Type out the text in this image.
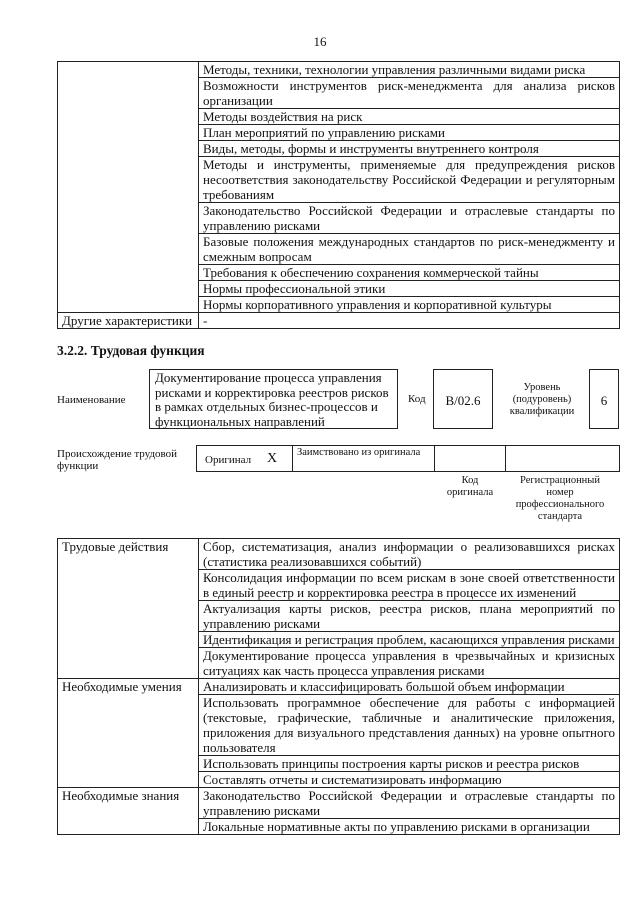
16
	Методы, техники, технологии управления различными видами риска
	Возможности инструментов риск-менеджмента для анализа рисков организации
	Методы воздействия на риск
	План мероприятий по управлению рисками
	Виды, методы, формы и инструменты внутреннего контроля
	Методы и инструменты, применяемые для предупреждения рисков несоответствия законодательству Российской Федерации и регуляторным требованиям
	Законодательство Российской Федерации и отраслевые стандарты по управлению рисками
	Базовые положения международных стандартов по риск-менеджменту и смежным вопросам
	Требования к обеспечению сохранения коммерческой тайны
	Нормы профессиональной этики
	Нормы корпоративного управления и корпоративной культуры
Другие характеристики	-
3.2.2. Трудовая функция
Наименование
Документирование процесса управления рисками и корректировка реестров рисков в рамках отдельных бизнес-процессов и функциональных направлений
Код	B/02.6
Уровень (подуровень) квалификации
6
Происхождение трудовой функции	Оригинал X Заимствовано из оригинала
Код оригинала
Регистрационный номер профессионального стандарта
Трудовые действия	Сбор, систематизация, анализ информации о реализовавшихся рисках (статистика реализовавшихся событий)
	Консолидация информации по всем рискам в зоне своей ответственности в единый реестр и корректировка реестра в процессе их изменений
	Актуализация карты рисков, реестра рисков, плана мероприятий по управлению рисками
	Идентификация и регистрация проблем, касающихся управления рисками
	Документирование процесса управления в чрезвычайных и кризисных ситуациях как часть процесса управления рисками
Необходимые умения	Анализировать и классифицировать большой объем информации
	Использовать программное обеспечение для работы с информацией (текстовые, графические, табличные и аналитические приложения, приложения для визуального представления данных) на уровне опытного пользователя
	Использовать принципы построения карты рисков и реестра рисков
	Составлять отчеты и систематизировать информацию
Необходимые знания	Законодательство Российской Федерации и отраслевые стандарты по управлению рисками
	Локальные нормативные акты по управлению рисками в организации
